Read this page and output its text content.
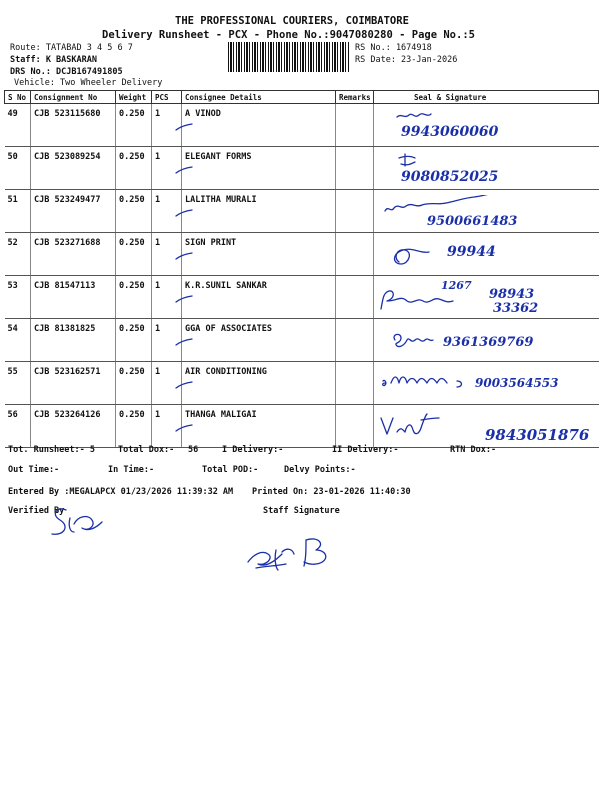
THE PROFESSIONAL COURIERS, COIMBATORE
Delivery Runsheet - PCX - Phone No.:9047080280 - Page No.:5
Route: TATABAD 3 4 5 6 7
Staff: K BASKARAN
DRS No.: DCJB167491805
Vehicle: Two Wheeler Delivery
RS No.: 1674918
RS Date: 23-Jan-2026
S No	Consignment No	Weight	PCS	Consignee Details	Remarks	Seal & Signature
49	CJB 523115680	0.250	1	A VINOD		9943060060

50	CJB 523089254	0.250	1	ELEGANT FORMS		9080852025

51	CJB 523249477	0.250	1	LALITHA MURALI		9500661483

52	CJB 523271688	0.250	1	SIGN PRINT		99944

53	CJB 81547113	0.250	1	K.R.SUNIL SANKAR		1267
98943
33362

54	CJB 81381825	0.250	1	GGA OF ASSOCIATES		9361369769

55	CJB 523162571	0.250	1	AIR CONDITIONING		9003564553

56	CJB 523264126	0.250	1	THANGA MALIGAI		9843051876
Tot. Runsheet:- 5	Total Dox:- 56	I Delivery:-	II Delivery:-	RTN Dox:-
Out Time:-	In Time:-	Total POD:-	Delvy Points:-
Entered By :MEGALAPCX 01/23/2026 11:39:32 AM Printed On: 23-01-2026 11:40:30
Verified By	Staff Signature
